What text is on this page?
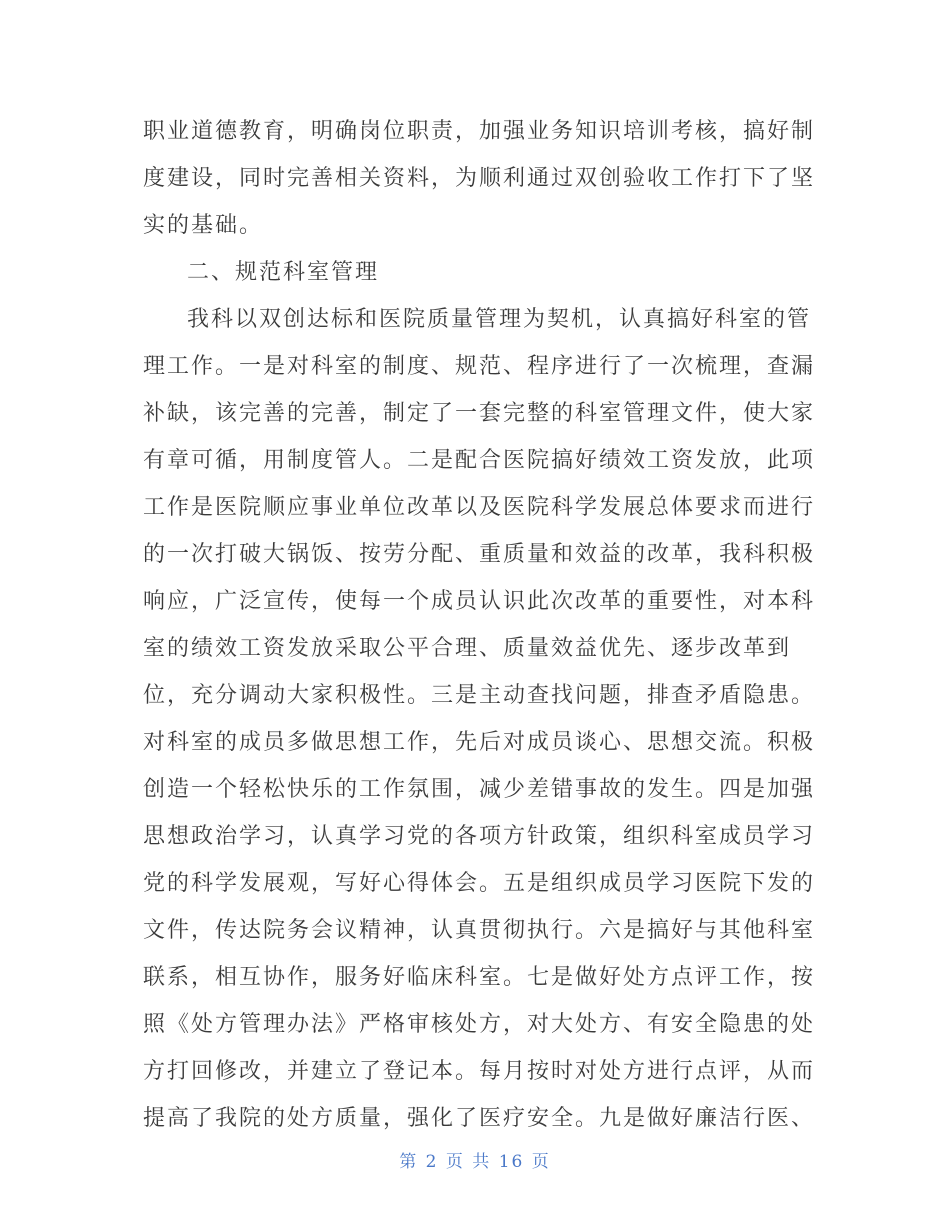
职业道德教育，明确岗位职责，加强业务知识培训考核，搞好制
度建设，同时完善相关资料，为顺利通过双创验收工作打下了坚
实的基础。
二、规范科室管理
我科以双创达标和医院质量管理为契机，认真搞好科室的管
理工作。一是对科室的制度、规范、程序进行了一次梳理，查漏
补缺，该完善的完善，制定了一套完整的科室管理文件，使大家
有章可循，用制度管人。二是配合医院搞好绩效工资发放，此项
工作是医院顺应事业单位改革以及医院科学发展总体要求而进行
的一次打破大锅饭、按劳分配、重质量和效益的改革，我科积极
响应，广泛宣传，使每一个成员认识此次改革的重要性，对本科
室的绩效工资发放采取公平合理、质量效益优先、逐步改革到
位，充分调动大家积极性。三是主动查找问题，排查矛盾隐患。
对科室的成员多做思想工作，先后对成员谈心、思想交流。积极
创造一个轻松快乐的工作氛围，减少差错事故的发生。四是加强
思想政治学习，认真学习党的各项方针政策，组织科室成员学习
党的科学发展观，写好心得体会。五是组织成员学习医院下发的
文件，传达院务会议精神，认真贯彻执行。六是搞好与其他科室
联系，相互协作，服务好临床科室。七是做好处方点评工作，按
照《处方管理办法》严格审核处方，对大处方、有安全隐患的处
方打回修改，并建立了登记本。每月按时对处方进行点评，从而
提高了我院的处方质量，强化了医疗安全。九是做好廉洁行医、
第 2 页 共 16 页
